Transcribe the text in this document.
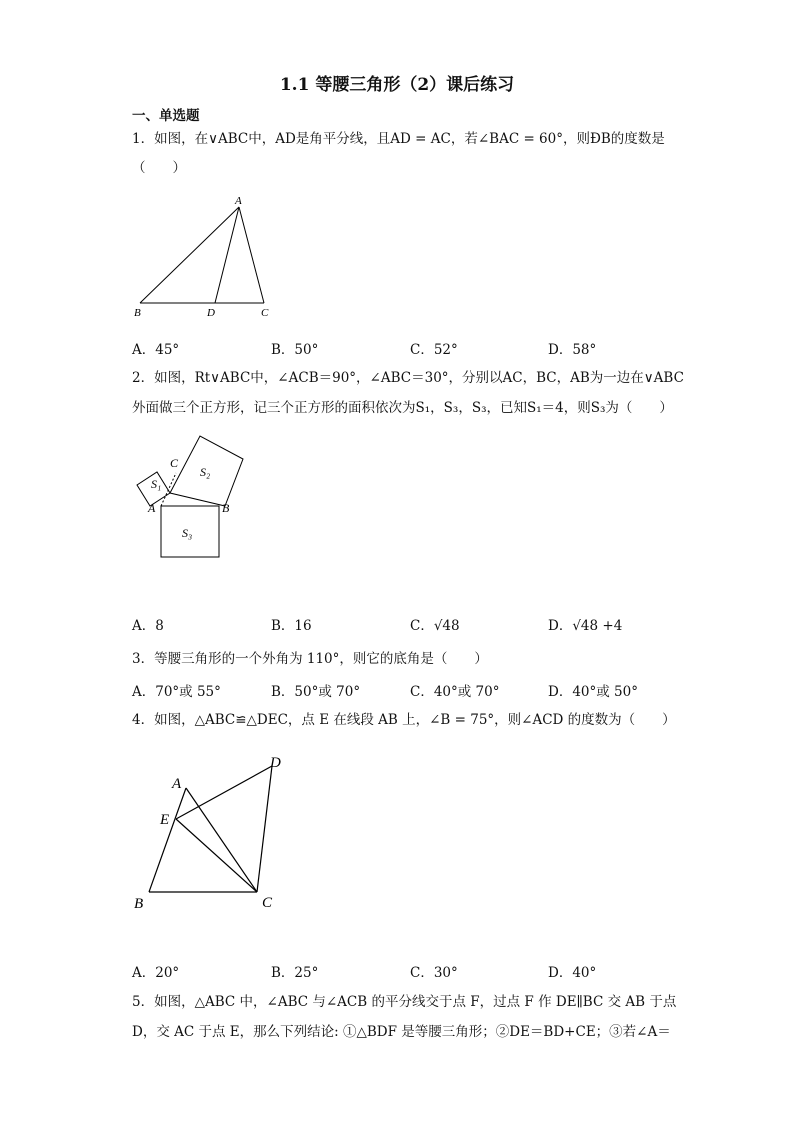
1.1 等腰三角形（2）课后练习
一、单选题
1．如图，在∨ABC中，AD是角平分线，且AD = AC，若∠BAC = 60°，则ÐB的度数是
（　　）
A
B	D	C
A．45°	B．50°	C．52°	D．58°
2．如图，Rt∨ABC中，∠ACB＝90°，∠ABC＝30°，分别以AC，BC，AB为一边在∨ABC
外面做三个正方形，记三个正方形的面积依次为S₁，S₃，S₃，已知S₁＝4，则S₃为（　　）
C
A	B
S₁
S₂
S₃
A．8	B．16	C．√48	D．√48 +4
3．等腰三角形的一个外角为 110°，则它的底角是（　　）
A．70°或 55°	B．50°或 70°	C．40°或 70°	D．40°或 50°
4．如图，△ABC≌△DEC，点 E 在线段 AB 上，∠B = 75°，则∠ACD 的度数为（　　）
A
E
B	C
D
A．20°	B．25°	C．30°	D．40°
5．如图，△ABC 中，∠ABC 与∠ACB 的平分线交于点 F，过点 F 作 DE∥BC 交 AB 于点
D，交 AC 于点 E，那么下列结论: ①△BDF 是等腰三角形；②DE＝BD+CE；③若∠A＝
